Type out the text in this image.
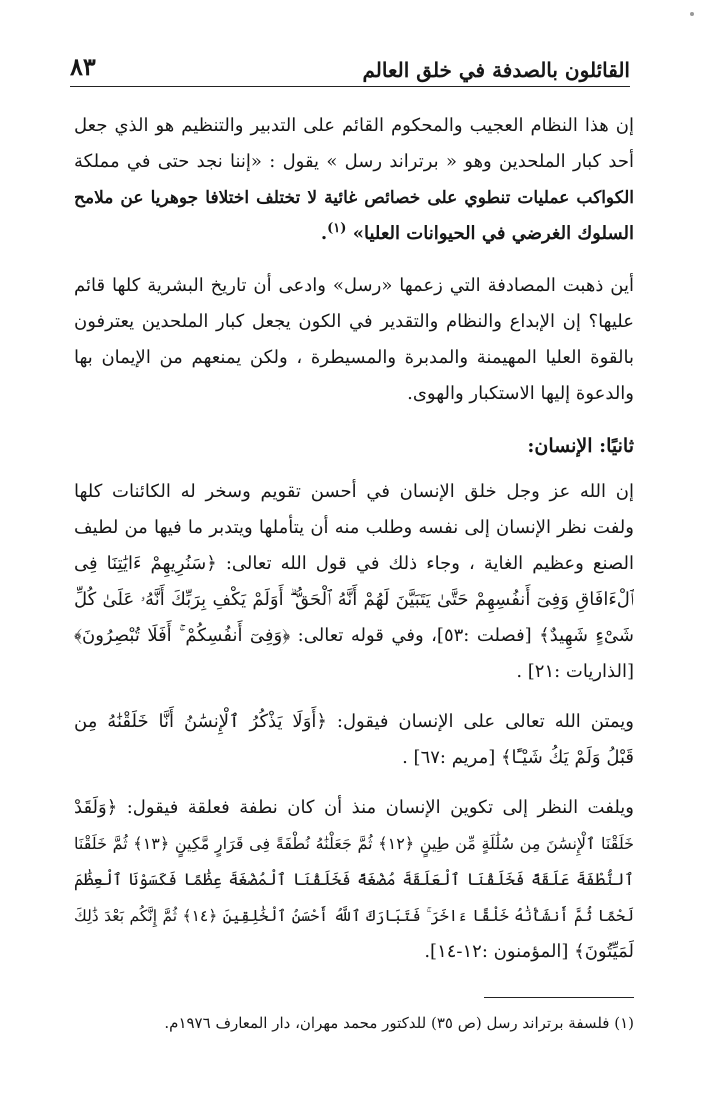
القائلون بالصدفة في خلق العالم
٨٣
إن هذا النظام العجيب والمحكوم القائم على التدبير والتنظيم هو الذي جعل
أحد كبار الملحدين وهو « برتراند رسل » يقول : «إننا نجد حتى في مملكة
الكواكب عمليات تنطوي على خصائص غائية لا تختلف اختلافا جوهريا عن ملامح
السلوك الغرضي في الحيوانات العليا» $^{(١)}$.
أين ذهبت المصادفة التي زعمها «رسل» وادعى أن تاريخ البشرية كلها قائم
عليها؟ إن الإبداع والنظام والتقدير في الكون يجعل كبار الملحدين يعترفون
بالقوة العليا المهيمنة والمدبرة والمسيطرة ، ولكن يمنعهم من الإيمان بها
والدعوة إليها الاستكبار والهوى.
ثانيًا: الإنسان:
إن الله عز وجل خلق الإنسان في أحسن تقويم وسخر له الكائنات كلها
ولفت نظر الإنسان إلى نفسه وطلب منه أن يتأملها ويتدبر ما فيها من لطيف
الصنع وعظيم الغاية ، وجاء ذلك في قول الله تعالى: ﴿سَنُرِيهِمْ ءَايَٰتِنَا فِى
ٱلْءَافَاقِ وَفِىٓ أَنفُسِهِمْ حَتَّىٰ يَتَبَيَّنَ لَهُمْ أَنَّهُ ٱلْحَقُّ ۗ أَوَلَمْ يَكْفِ بِرَبِّكَ أَنَّهُۥ عَلَىٰ كُلِّ
شَىْءٍ شَهِيدٌ﴾ [فصلت :٥٣]، وفي قوله تعالى: ﴿وَفِىٓ أَنفُسِكُمْ ۚ أَفَلَا تُبْصِرُونَ﴾
[الذاريات :٢١] .
ويمتن الله تعالى على الإنسان فيقول: ﴿أَوَلَا يَذْكُرُ ٱلْإِنسَٰنُ أَنَّا خَلَقْنَٰهُ مِن
قَبْلُ وَلَمْ يَكُ شَيْـًٔا﴾ [مريم :٦٧] .
ويلفت النظر إلى تكوين الإنسان منذ أن كان نطفة فعلقة فيقول: ﴿وَلَقَدْ
خَلَقْنَا ٱلْإِنسَٰنَ مِن سُلَٰلَةٍ مِّن طِينٍ ﴿١٢﴾ ثُمَّ جَعَلْنَٰهُ نُطْفَةً فِى قَرَارٍ مَّكِينٍ ﴿١٣﴾ ثُمَّ خَلَقْنَا
ٱلنُّطْفَةَ عَلَقَةً فَخَلَقْنَا ٱلْعَلَقَةَ مُضْغَةً فَخَلَقْنَا ٱلْمُضْغَةَ عِظَٰمًا فَكَسَوْنَا ٱلْعِظَٰمَ
لَحْمًا ثُمَّ أَنشَأْنَٰهُ خَلْقًا ءَاخَرَ ۚ فَتَبَارَكَ ٱللَّهُ أَحْسَنُ ٱلْخَٰلِقِينَ ﴿١٤﴾ ثُمَّ إِنَّكُم بَعْدَ ذَٰلِكَ
لَمَيِّتُونَ﴾ [المؤمنون :١٢-١٤].
(١) فلسفة برتراند رسل (ص ٣٥) للدكتور محمد مهران، دار المعارف ١٩٧٦م.
